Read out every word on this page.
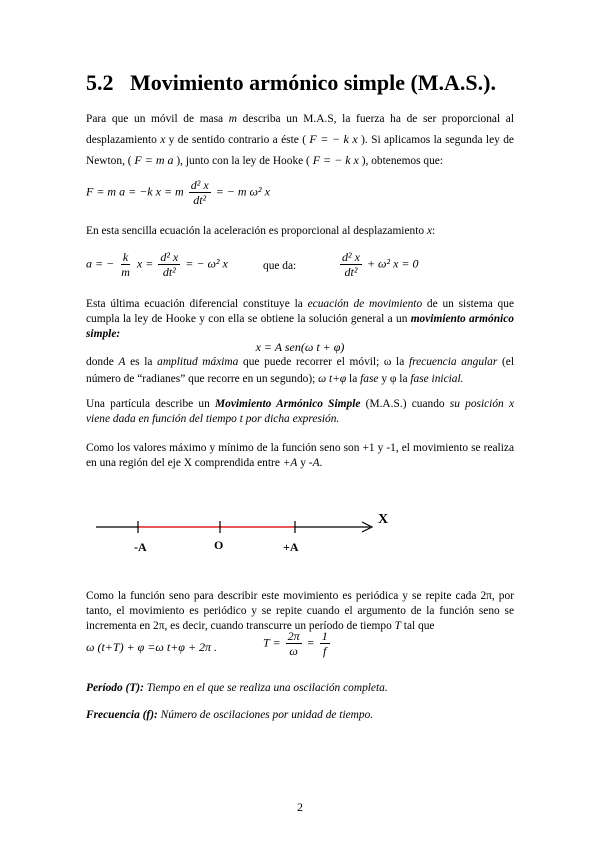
5.2 Movimiento armónico simple (M.A.S.).

Para que un móvil de masa m describa un M.A.S, la fuerza ha de ser proporcional al desplazamiento x y de sentido contrario a éste ( F = − k x ). Si aplicamos la segunda ley de Newton, ( F = m a ), junto con la ley de Hooke ( F = − k x ), obtenemos que:

F = m a = −k x = m $\frac{\text{d² x}}{\text{dt²}}$ = − m ω² x

En esta sencilla ecuación la aceleración es proporcional al desplazamiento x:

a = − $\frac{k}{m}$ $x = \frac{\text{d² x}}{\text{dt²}}$ = − ω² x	que da:	$\frac{\text{d² x}}{\text{dt²}} + \omega^2$ x = 0

Esta última ecuación diferencial constituye la ecuación de movimiento de un sistema que cumpla la ley de Hooke y con ella se obtiene la solución general a un movimiento armónico simple:

x = A sen(ω t + φ)

donde A es la amplitud máxima que puede recorrer el móvil; ω la frecuencia angular (el número de “radianes” que recorre en un segundo); ω t+φ la fase y φ la fase inicial.

Una partícula describe un Movimiento Armónico Simple (M.A.S.) cuando su posición x viene dada en función del tiempo t por dicha expresión.

Como los valores máximo y mínimo de la función seno son +1 y -1, el movimiento se realiza en una región del eje X comprendida entre +A y -A.

X
-A	O	+A

Como la función seno para describir este movimiento es periódica y se repite cada 2π, por tanto, el movimiento es periódico y se repite cuando el argumento de la función seno se incrementa en 2π, es decir, cuando transcurre un período de tiempo T tal que

ω (t+T) + φ =ω t+φ + 2π .	$T = \frac{2\pi}{\omega} = \frac{1}{f}$

Período (T): Tiempo en el que se realiza una oscilación completa.

Frecuencia (f): Número de oscilaciones por unidad de tiempo.

2
